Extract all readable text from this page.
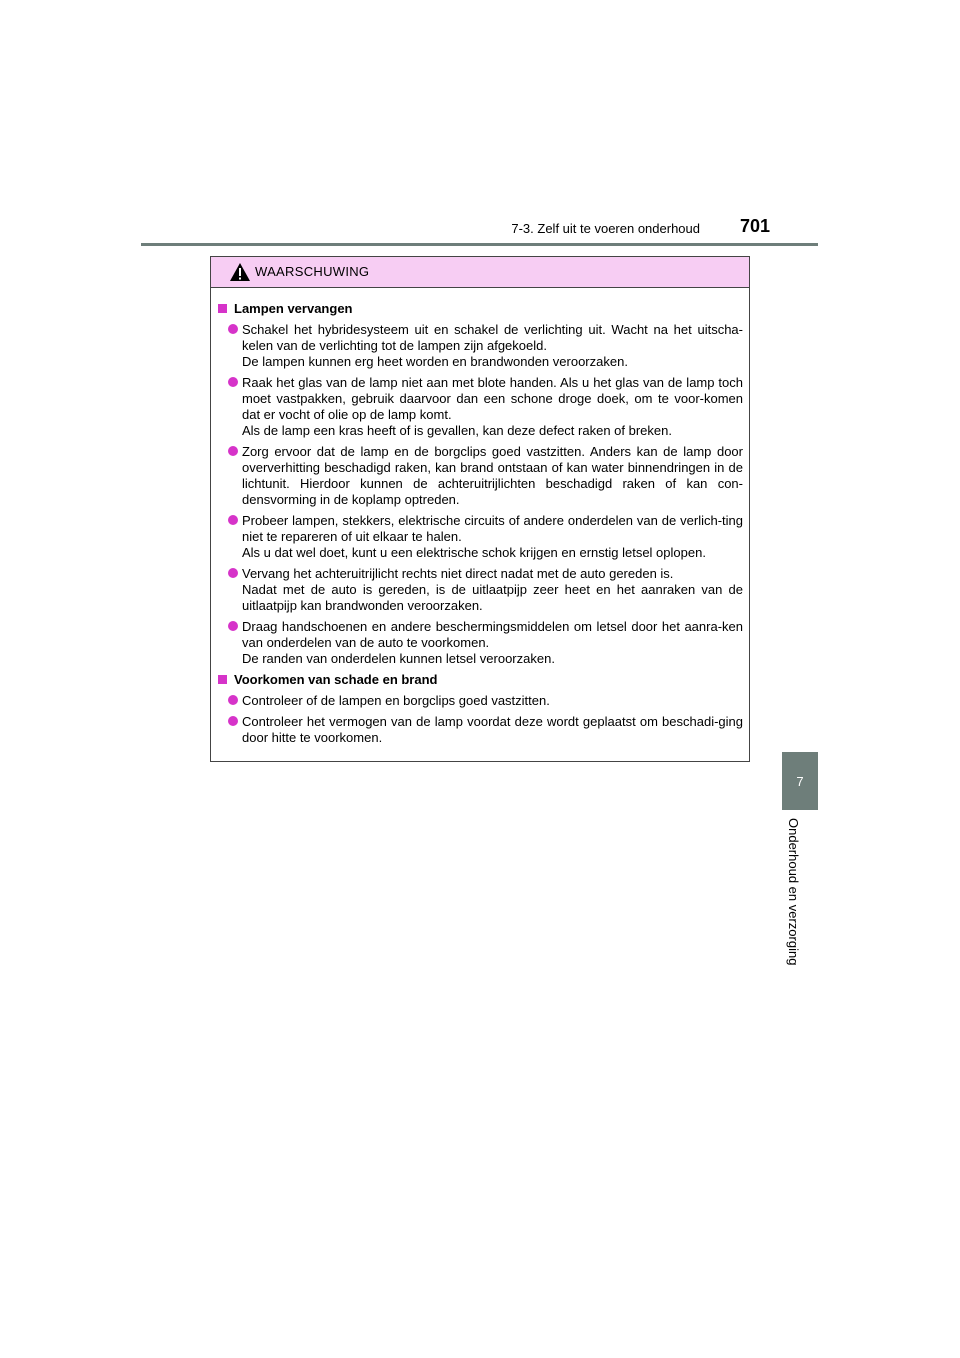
7-3. Zelf uit te voeren onderhoud 701
7
Onderhoud en verzorging
WAARSCHUWING
Lampen vervangen
Schakel het hybridesysteem uit en schakel de verlichting uit. Wacht na het uitscha-kelen van de verlichting tot de lampen zijn afgekoeld.
De lampen kunnen erg heet worden en brandwonden veroorzaken.
Raak het glas van de lamp niet aan met blote handen. Als u het glas van de lamp toch moet vastpakken, gebruik daarvoor dan een schone droge doek, om te voor-komen dat er vocht of olie op de lamp komt.
Als de lamp een kras heeft of is gevallen, kan deze defect raken of breken.
Zorg ervoor dat de lamp en de borgclips goed vastzitten. Anders kan de lamp door oververhitting beschadigd raken, kan brand ontstaan of kan water binnendringen in de lichtunit. Hierdoor kunnen de achteruitrijlichten beschadigd raken of kan con-densvorming in de koplamp optreden.
Probeer lampen, stekkers, elektrische circuits of andere onderdelen van de verlich-ting niet te repareren of uit elkaar te halen.
Als u dat wel doet, kunt u een elektrische schok krijgen en ernstig letsel oplopen.
Vervang het achteruitrijlicht rechts niet direct nadat met de auto gereden is.
Nadat met de auto is gereden, is de uitlaatpijp zeer heet en het aanraken van de uitlaatpijp kan brandwonden veroorzaken.
Draag handschoenen en andere beschermingsmiddelen om letsel door het aanra-ken van onderdelen van de auto te voorkomen.
De randen van onderdelen kunnen letsel veroorzaken.
Voorkomen van schade en brand
Controleer of de lampen en borgclips goed vastzitten.
Controleer het vermogen van de lamp voordat deze wordt geplaatst om beschadi-ging door hitte te voorkomen.
